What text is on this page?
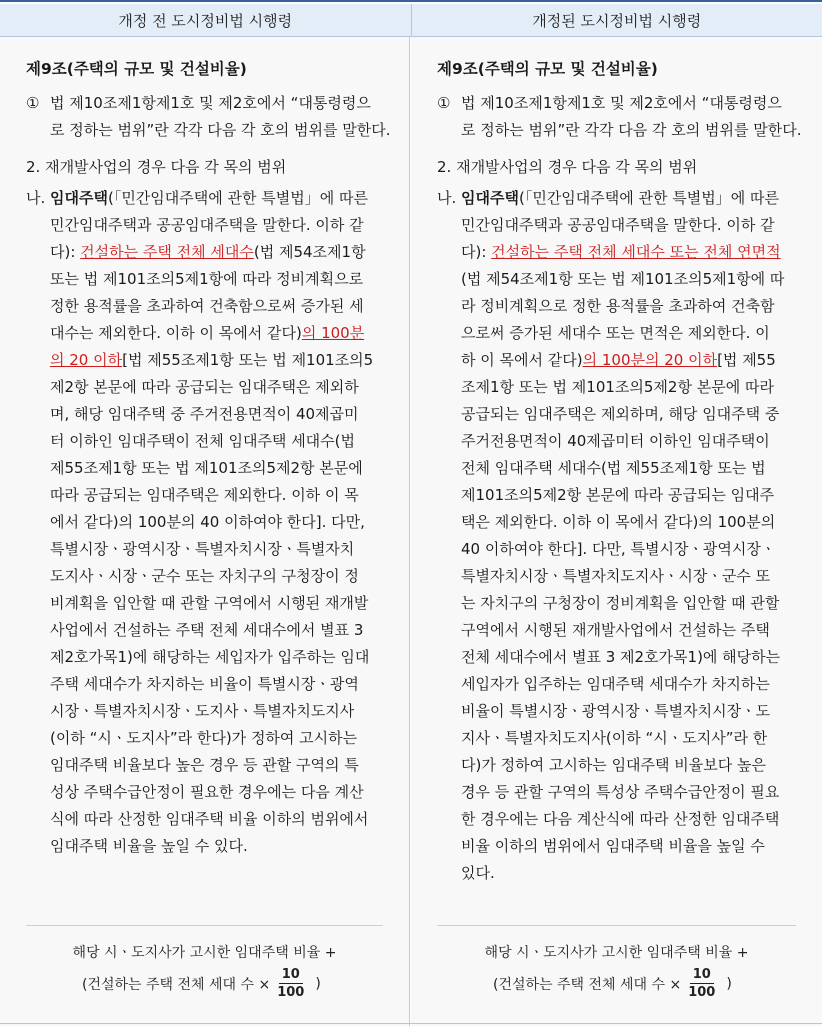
개정 전 도시정비법 시행령	개정된 도시정비법 시행령
제9조(주택의 규모 및 건설비율)
① 법 제10조제1항제1호 및 제2호에서 “대통령령으
로 정하는 범위”란 각각 다음 각 호의 범위를 말한다.
2. 재개발사업의 경우 다음 각 목의 범위
나. 임대주택(「민간임대주택에 관한 특별법」에 따른
민간임대주택과 공공임대주택을 말한다. 이하 같
다): 건설하는 주택 전체 세대수(법 제54조제1항
또는 법 제101조의5제1항에 따라 정비계획으로
정한 용적률을 초과하여 건축함으로써 증가된 세
대수는 제외한다. 이하 이 목에서 같다)의 100분
의 20 이하[법 제55조제1항 또는 법 제101조의5
제2항 본문에 따라 공급되는 임대주택은 제외하
며, 해당 임대주택 중 주거전용면적이 40제곱미
터 이하인 임대주택이 전체 임대주택 세대수(법
제55조제1항 또는 법 제101조의5제2항 본문에
따라 공급되는 임대주택은 제외한다. 이하 이 목
에서 같다)의 100분의 40 이하여야 한다]. 다만,
특별시장ㆍ광역시장ㆍ특별자치시장ㆍ특별자치
도지사ㆍ시장ㆍ군수 또는 자치구의 구청장이 정
비계획을 입안할 때 관할 구역에서 시행된 재개발
사업에서 건설하는 주택 전체 세대수에서 별표 3
제2호가목1)에 해당하는 세입자가 입주하는 임대
주택 세대수가 차지하는 비율이 특별시장ㆍ광역
시장ㆍ특별자치시장ㆍ도지사ㆍ특별자치도지사
(이하 “시ㆍ도지사”라 한다)가 정하여 고시하는
임대주택 비율보다 높은 경우 등 관할 구역의 특
성상 주택수급안정이 필요한 경우에는 다음 계산
식에 따라 산정한 임대주택 비율 이하의 범위에서
임대주택 비율을 높일 수 있다.
해당 시ㆍ도지사가 고시한 임대주택 비율 +
(건설하는 주택 전체 세대 수 × $\frac{10}{100}$ )
제9조(주택의 규모 및 건설비율)
① 법 제10조제1항제1호 및 제2호에서 “대통령령으
로 정하는 범위”란 각각 다음 각 호의 범위를 말한다.
2. 재개발사업의 경우 다음 각 목의 범위
나. 임대주택(「민간임대주택에 관한 특별법」에 따른
민간임대주택과 공공임대주택을 말한다. 이하 같
다): 건설하는 주택 전체 세대수 또는 전체 연면적
(법 제54조제1항 또는 법 제101조의5제1항에 따
라 정비계획으로 정한 용적률을 초과하여 건축함
으로써 증가된 세대수 또는 면적은 제외한다. 이
하 이 목에서 같다)의 100분의 20 이하[법 제55
조제1항 또는 법 제101조의5제2항 본문에 따라
공급되는 임대주택은 제외하며, 해당 임대주택 중
주거전용면적이 40제곱미터 이하인 임대주택이
전체 임대주택 세대수(법 제55조제1항 또는 법
제101조의5제2항 본문에 따라 공급되는 임대주
택은 제외한다. 이하 이 목에서 같다)의 100분의
40 이하여야 한다]. 다만, 특별시장ㆍ광역시장ㆍ
특별자치시장ㆍ특별자치도지사ㆍ시장ㆍ군수 또
는 자치구의 구청장이 정비계획을 입안할 때 관할
구역에서 시행된 재개발사업에서 건설하는 주택
전체 세대수에서 별표 3 제2호가목1)에 해당하는
세입자가 입주하는 임대주택 세대수가 차지하는
비율이 특별시장ㆍ광역시장ㆍ특별자치시장ㆍ도
지사ㆍ특별자치도지사(이하 “시ㆍ도지사”라 한
다)가 정하여 고시하는 임대주택 비율보다 높은
경우 등 관할 구역의 특성상 주택수급안정이 필요
한 경우에는 다음 계산식에 따라 산정한 임대주택
비율 이하의 범위에서 임대주택 비율을 높일 수
있다.
해당 시ㆍ도지사가 고시한 임대주택 비율 +
(건설하는 주택 전체 세대 수 × $\frac{10}{100}$ )
